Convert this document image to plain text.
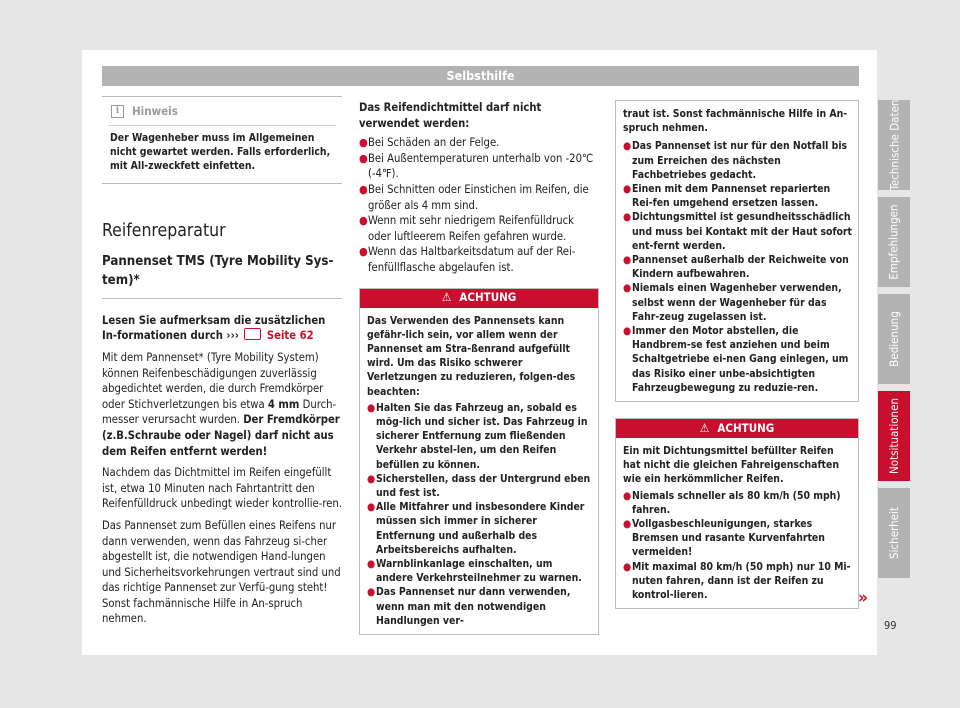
Selbsthilfe
i	Hinweis
Der Wagenheber muss im Allgemeinen nicht gewartet werden. Falls erforderlich, mit All-zweckfett einfetten.
Reifenreparatur
Pannenset TMS (Tyre Mobility Sys-tem)*

Lesen Sie aufmerksam die zusätzlichen In-formationen durch ›››	Seite 62

Mit dem Pannenset* (Tyre Mobility System) können Reifenbeschädigungen zuverlässig abgedichtet werden, die durch Fremdkörper oder Stichverletzungen bis etwa 4 mm Durch-messer verursacht wurden. Der Fremdkörper (z.B.Schraube oder Nagel) darf nicht aus dem Reifen entfernt werden!

Nachdem das Dichtmittel im Reifen eingefüllt ist, etwa 10 Minuten nach Fahrtantritt den Reifenfülldruck unbedingt wieder kontrollie-ren.

Das Pannenset zum Befüllen eines Reifens nur dann verwenden, wenn das Fahrzeug si-cher abgestellt ist, die notwendigen Hand-lungen und Sicherheitsvorkehrungen vertraut sind und das richtige Pannenset zur Verfü-gung steht! Sonst fachmännische Hilfe in An-spruch nehmen.

Das Reifendichtmittel darf nicht verwendet werden:

● Bei Schäden an der Felge.
● Bei Außentemperaturen unterhalb von -20℃ (-4℉).
● Bei Schnitten oder Einstichen im Reifen, die größer als 4 mm sind.
● Wenn mit sehr niedrigem Reifenfülldruck oder luftleerem Reifen gefahren wurde.
● Wenn das Haltbarkeitsdatum auf der Rei-fenfüllflasche abgelaufen ist.
⚠ ACHTUNG
Das Verwenden des Pannensets kann gefähr-lich sein, vor allem wenn der Pannenset am Stra-ßenrand aufgefüllt wird. Um das Risiko schwerer Verletzungen zu reduzieren, folgen-des beachten:
● Halten Sie das Fahrzeug an, sobald es mög-lich und sicher ist. Das Fahrzeug in sicherer Entfernung zum fließenden Verkehr abstel-len, um den Reifen befüllen zu können.
● Sicherstellen, dass der Untergrund eben und fest ist.
● Alle Mitfahrer und insbesondere Kinder müssen sich immer in sicherer Entfernung und außerhalb des Arbeitsbereichs aufhalten.
● Warnblinkanlage einschalten, um andere Verkehrsteilnehmer zu warnen.
● Das Pannenset nur dann verwenden, wenn man mit den notwendigen Handlungen ver-
traut ist. Sonst fachmännische Hilfe in An-spruch nehmen.
● Das Pannenset ist nur für den Notfall bis zum Erreichen des nächsten Fachbetriebes gedacht.
● Einen mit dem Pannenset reparierten Rei-fen umgehend ersetzen lassen.
● Dichtungsmittel ist gesundheitsschädlich und muss bei Kontakt mit der Haut sofort ent-fernt werden.
● Pannenset außerhalb der Reichweite von Kindern aufbewahren.
● Niemals einen Wagenheber verwenden, selbst wenn der Wagenheber für das Fahr-zeug zugelassen ist.
● Immer den Motor abstellen, die Handbrem-se fest anziehen und beim Schaltgetriebe ei-nen Gang einlegen, um das Risiko einer unbe-absichtigten Fahrzeugbewegung zu reduzie-ren.
⚠ ACHTUNG
Ein mit Dichtungsmittel befüllter Reifen hat nicht die gleichen Fahreigenschaften wie ein herkömmlicher Reifen.
● Niemals schneller als 80 km/h (50 mph) fahren.
● Vollgasbeschleunigungen, starkes Bremsen und rasante Kurvenfahrten vermeiden!
● Mit maximal 80 km/h (50 mph) nur 10 Mi-nuten fahren, dann ist der Reifen zu kontrol-lieren.	»
Technische Daten
Empfehlungen
Bedienung
Notsituationen
Sicherheit
99
